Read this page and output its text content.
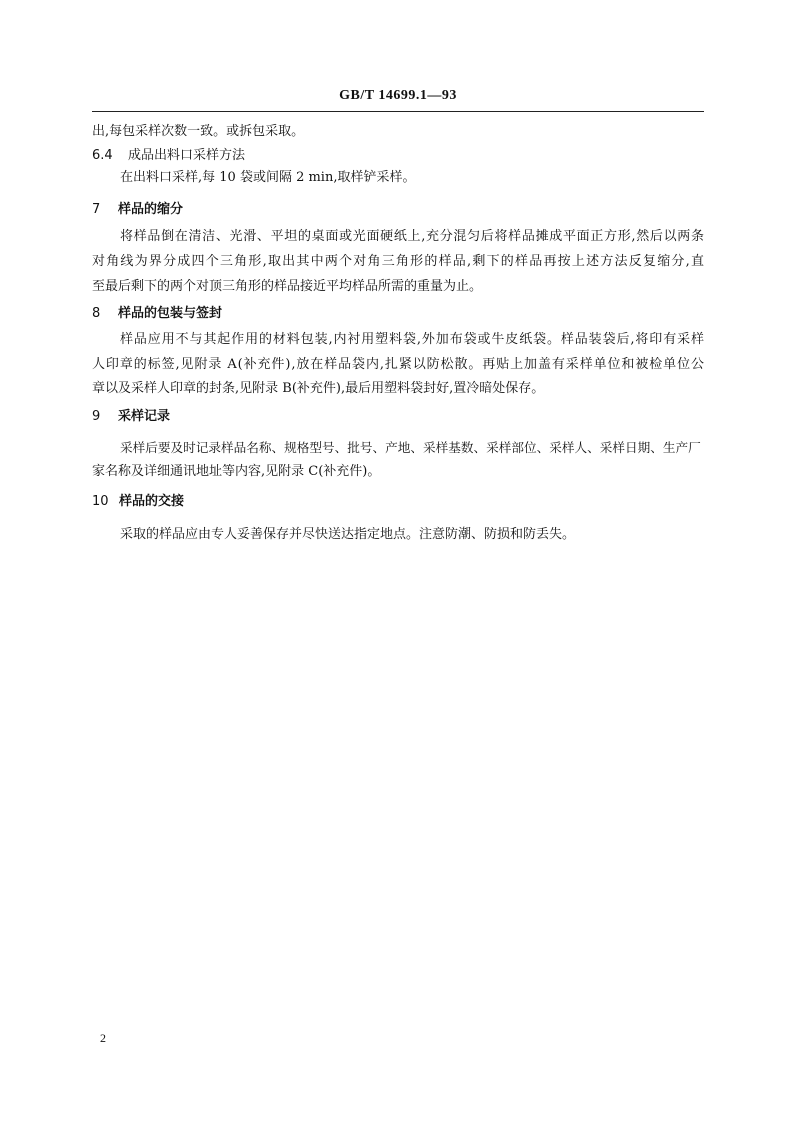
GB/T 14699.1—93
出,每包采样次数一致。或拆包采取。
6.4 成品出料口采样方法
在出料口采样,每 10 袋或间隔 2 min,取样铲采样。
7 样品的缩分
将样品倒在清洁、光滑、平坦的桌面或光面硬纸上,充分混匀后将样品摊成平面正方形,然后以两条
对角线为界分成四个三角形,取出其中两个对角三角形的样品,剩下的样品再按上述方法反复缩分,直
至最后剩下的两个对顶三角形的样品接近平均样品所需的重量为止。
8 样品的包装与签封
样品应用不与其起作用的材料包装,内衬用塑料袋,外加布袋或牛皮纸袋。样品装袋后,将印有采样
人印章的标签,见附录 A(补充件),放在样品袋内,扎紧以防松散。再贴上加盖有采样单位和被检单位公
章以及采样人印章的封条,见附录 B(补充件),最后用塑料袋封好,置冷暗处保存。
9 采样记录
采样后要及时记录样品名称、规格型号、批号、产地、采样基数、采样部位、采样人、采样日期、生产厂
家名称及详细通讯地址等内容,见附录 C(补充件)。
10 样品的交接
采取的样品应由专人妥善保存并尽快送达指定地点。注意防潮、防损和防丢失。
2
